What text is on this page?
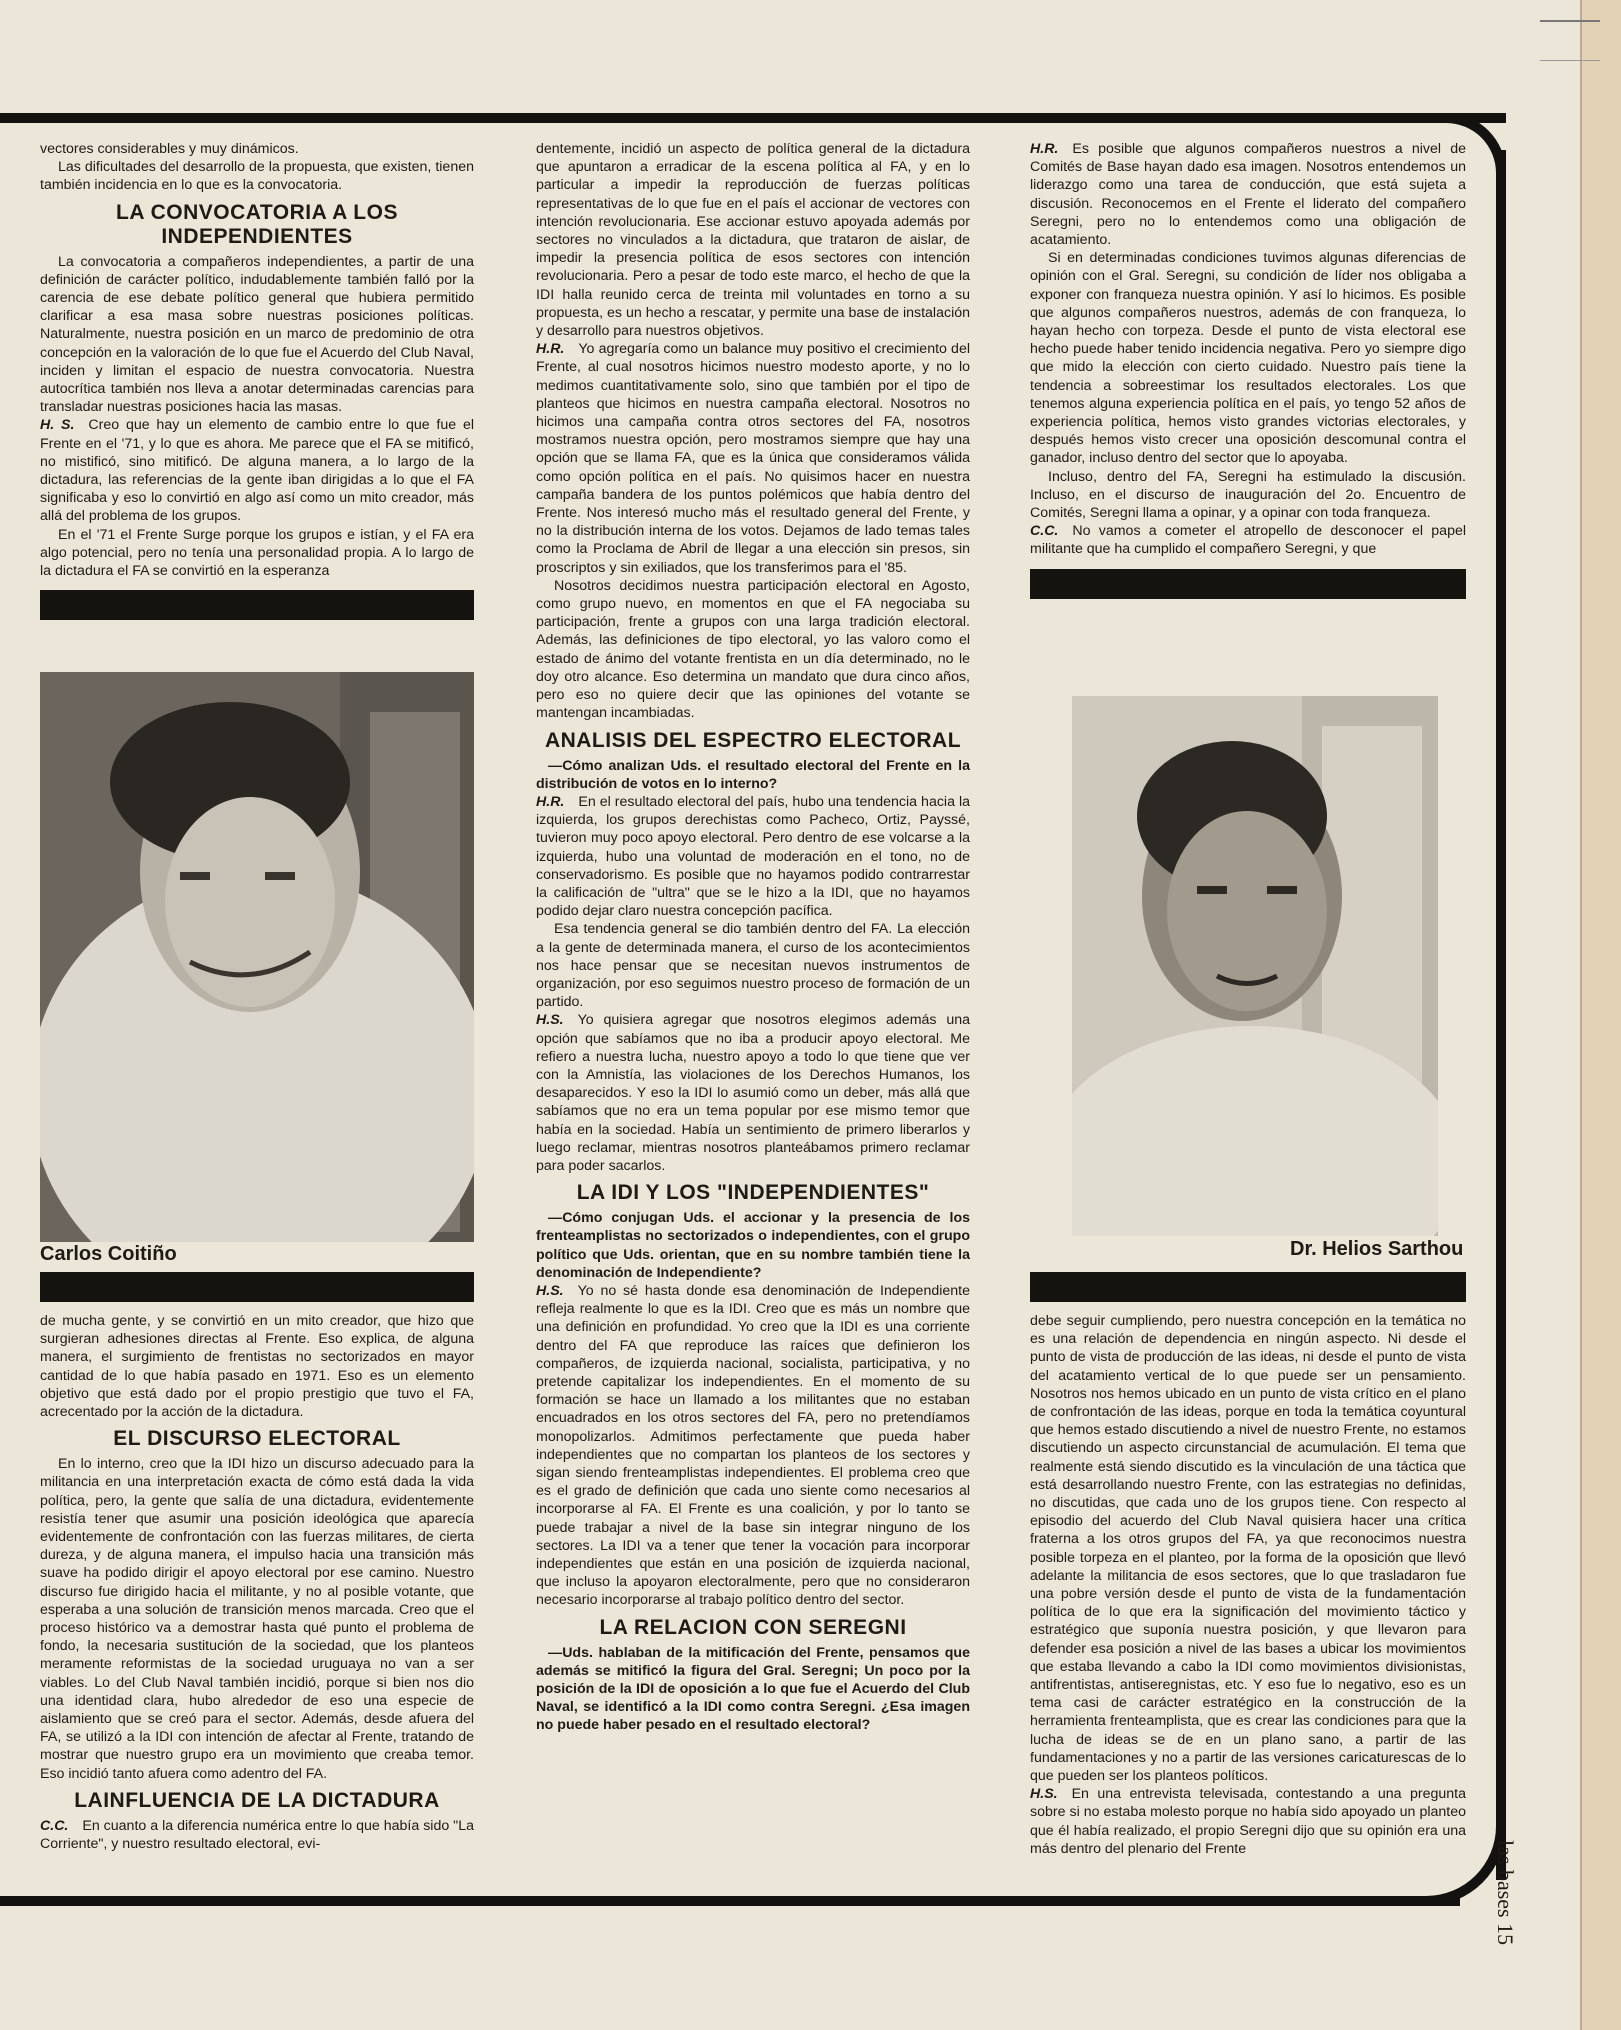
vectores considerables y muy dinámicos.

Las dificultades del desarrollo de la propuesta, que existen, tienen también incidencia en lo que es la convocatoria.

LA CONVOCATORIA A LOS INDEPENDIENTES

La convocatoria a compañeros independientes, a partir de una definición de carácter político, indudablemente también falló por la carencia de ese debate político general que hubiera permitido clarificar a esa masa sobre nuestras posiciones políticas. Naturalmente, nuestra posición en un marco de predominio de otra concepción en la valoración de lo que fue el Acuerdo del Club Naval, inciden y limitan el espacio de nuestra convocatoria. Nuestra autocrítica también nos lleva a anotar determinadas carencias para transladar nuestras posiciones hacia las masas.

H. S. Creo que hay un elemento de cambio entre lo que fue el Frente en el '71, y lo que es ahora. Me parece que el FA se mitificó, no mistificó, sino mitificó. De alguna manera, a lo largo de la dictadura, las referencias de la gente iban dirigidas a lo que el FA significaba y eso lo convirtió en algo así como un mito creador, más allá del problema de los grupos.

En el '71 el Frente Surge porque los grupos e istían, y el FA era algo potencial, pero no tenía una personalidad propia. A lo largo de la dictadura el FA se convirtió en la esperanza

Carlos Coitiño

de mucha gente, y se convirtió en un mito creador, que hizo que surgieran adhesiones directas al Frente. Eso explica, de alguna manera, el surgimiento de frentistas no sectorizados en mayor cantidad de lo que había pasado en 1971. Eso es un elemento objetivo que está dado por el propio prestigio que tuvo el FA, acrecentado por la acción de la dictadura.

EL DISCURSO ELECTORAL

En lo interno, creo que la IDI hizo un discurso adecuado para la militancia en una interpretación exacta de cómo está dada la vida política, pero, la gente que salía de una dictadura, evidentemente resistía tener que asumir una posición ideológica que aparecía evidentemente de confrontación con las fuerzas militares, de cierta dureza, y de alguna manera, el impulso hacia una transición más suave ha podido dirigir el apoyo electoral por ese camino. Nuestro discurso fue dirigido hacia el militante, y no al posible votante, que esperaba a una solución de transición menos marcada. Creo que el proceso histórico va a demostrar hasta qué punto el problema de fondo, la necesaria sustitución de la sociedad, que los planteos meramente reformistas de la sociedad uruguaya no van a ser viables. Lo del Club Naval también incidió, porque si bien nos dio una identidad clara, hubo alrededor de eso una especie de aislamiento que se creó para el sector. Además, desde afuera del FA, se utilizó a la IDI con intención de afectar al Frente, tratando de mostrar que nuestro grupo era un movimiento que creaba temor. Eso incidió tanto afuera como adentro del FA.

LAINFLUENCIA DE LA DICTADURA

C.C. En cuanto a la diferencia numérica entre lo que había sido "La Corriente", y nuestro resultado electoral, evi-

dentemente, incidió un aspecto de política general de la dictadura que apuntaron a erradicar de la escena política al FA, y en lo particular a impedir la reproducción de fuerzas políticas representativas de lo que fue en el país el accionar de vectores con intención revolucionaria. Ese accionar estuvo apoyada además por sectores no vinculados a la dictadura, que trataron de aislar, de impedir la presencia política de esos sectores con intención revolucionaria. Pero a pesar de todo este marco, el hecho de que la IDI halla reunido cerca de treinta mil voluntades en torno a su propuesta, es un hecho a rescatar, y permite una base de instalación y desarrollo para nuestros objetivos.

H.R. Yo agregaría como un balance muy positivo el crecimiento del Frente, al cual nosotros hicimos nuestro modesto aporte, y no lo medimos cuantitativamente solo, sino que también por el tipo de planteos que hicimos en nuestra campaña electoral. Nosotros no hicimos una campaña contra otros sectores del FA, nosotros mostramos nuestra opción, pero mostramos siempre que hay una opción que se llama FA, que es la única que consideramos válida como opción política en el país. No quisimos hacer en nuestra campaña bandera de los puntos polémicos que había dentro del Frente. Nos interesó mucho más el resultado general del Frente, y no la distribución interna de los votos. Dejamos de lado temas tales como la Proclama de Abril de llegar a una elección sin presos, sin proscriptos y sin exiliados, que los transferimos para el '85.

Nosotros decidimos nuestra participación electoral en Agosto, como grupo nuevo, en momentos en que el FA negociaba su participación, frente a grupos con una larga tradición electoral. Además, las definiciones de tipo electoral, yo las valoro como el estado de ánimo del votante frentista en un día determinado, no le doy otro alcance. Eso determina un mandato que dura cinco años, pero eso no quiere decir que las opiniones del votante se mantengan incambiadas.

ANALISIS DEL ESPECTRO ELECTORAL

—Cómo analizan Uds. el resultado electoral del Frente en la distribución de votos en lo interno?

H.R. En el resultado electoral del país, hubo una tendencia hacia la izquierda, los grupos derechistas como Pacheco, Ortiz, Payssé, tuvieron muy poco apoyo electoral. Pero dentro de ese volcarse a la izquierda, hubo una voluntad de moderación en el tono, no de conservadorismo. Es posible que no hayamos podido contrarrestar la calificación de "ultra" que se le hizo a la IDI, que no hayamos podido dejar claro nuestra concepción pacífica.

Esa tendencia general se dio también dentro del FA. La elección a la gente de determinada manera, el curso de los acontecimientos nos hace pensar que se necesitan nuevos instrumentos de organización, por eso seguimos nuestro proceso de formación de un partido.

H.S. Yo quisiera agregar que nosotros elegimos además una opción que sabíamos que no iba a producir apoyo electoral. Me refiero a nuestra lucha, nuestro apoyo a todo lo que tiene que ver con la Amnistía, las violaciones de los Derechos Humanos, los desaparecidos. Y eso la IDI lo asumió como un deber, más allá que sabíamos que no era un tema popular por ese mismo temor que había en la sociedad. Había un sentimiento de primero liberarlos y luego reclamar, mientras nosotros planteábamos primero reclamar para poder sacarlos.

LA IDI Y LOS "INDEPENDIENTES"

—Cómo conjugan Uds. el accionar y la presencia de los frenteamplistas no sectorizados o independientes, con el grupo político que Uds. orientan, que en su nombre también tiene la denominación de Independiente?

H.S. Yo no sé hasta donde esa denominación de Independiente refleja realmente lo que es la IDI. Creo que es más un nombre que una definición en profundidad. Yo creo que la IDI es una corriente dentro del FA que reproduce las raíces que definieron los compañeros, de izquierda nacional, socialista, participativa, y no pretende capitalizar los independientes. En el momento de su formación se hace un llamado a los militantes que no estaban encuadrados en los otros sectores del FA, pero no pretendíamos monopolizarlos. Admitimos perfectamente que pueda haber independientes que no compartan los planteos de los sectores y sigan siendo frenteamplistas independientes. El problema creo que es el grado de definición que cada uno siente como necesarios al incorporarse al FA. El Frente es una coalición, y por lo tanto se puede trabajar a nivel de la base sin integrar ninguno de los sectores. La IDI va a tener que tener la vocación para incorporar independientes que están en una posición de izquierda nacional, que incluso la apoyaron electoralmente, pero que no consideraron necesario incorporarse al trabajo político dentro del sector.

LA RELACION CON SEREGNI

—Uds. hablaban de la mitificación del Frente, pensamos que además se mitificó la figura del Gral. Seregni; Un poco por la posición de la IDI de oposición a lo que fue el Acuerdo del Club Naval, se identificó a la IDI como contra Seregni. ¿Esa imagen no puede haber pesado en el resultado electoral?

H.R. Es posible que algunos compañeros nuestros a nivel de Comités de Base hayan dado esa imagen. Nosotros entendemos un liderazgo como una tarea de conducción, que está sujeta a discusión. Reconocemos en el Frente el liderato del compañero Seregni, pero no lo entendemos como una obligación de acatamiento.

Si en determinadas condiciones tuvimos algunas diferencias de opinión con el Gral. Seregni, su condición de líder nos obligaba a exponer con franqueza nuestra opinión. Y así lo hicimos. Es posible que algunos compañeros nuestros, además de con franqueza, lo hayan hecho con torpeza. Desde el punto de vista electoral ese hecho puede haber tenido incidencia negativa. Pero yo siempre digo que mido la elección con cierto cuidado. Nuestro país tiene la tendencia a sobreestimar los resultados electorales. Los que tenemos alguna experiencia política en el país, yo tengo 52 años de experiencia política, hemos visto grandes victorias electorales, y después hemos visto crecer una oposición descomunal contra el ganador, incluso dentro del sector que lo apoyaba.

Incluso, dentro del FA, Seregni ha estimulado la discusión. Incluso, en el discurso de inauguración del 2o. Encuentro de Comités, Seregni llama a opinar, y a opinar con toda franqueza.

C.C. No vamos a cometer el atropello de desconocer el papel militante que ha cumplido el compañero Seregni, y que

Dr. Helios Sarthou

debe seguir cumpliendo, pero nuestra concepción en la temática no es una relación de dependencia en ningún aspecto. Ni desde el punto de vista de producción de las ideas, ni desde el punto de vista del acatamiento vertical de lo que puede ser un pensamiento. Nosotros nos hemos ubicado en un punto de vista crítico en el plano de confrontación de las ideas, porque en toda la temática coyuntural que hemos estado discutiendo a nivel de nuestro Frente, no estamos discutiendo un aspecto circunstancial de acumulación. El tema que realmente está siendo discutido es la vinculación de una táctica que está desarrollando nuestro Frente, con las estrategias no definidas, no discutidas, que cada uno de los grupos tiene. Con respecto al episodio del acuerdo del Club Naval quisiera hacer una crítica fraterna a los otros grupos del FA, ya que reconocimos nuestra posible torpeza en el planteo, por la forma de la oposición que llevó adelante la militancia de esos sectores, que lo que trasladaron fue una pobre versión desde el punto de vista de la fundamentación política de lo que era la significación del movimiento táctico y estratégico que suponía nuestra posición, y que llevaron para defender esa posición a nivel de las bases a ubicar los movimientos que estaba llevando a cabo la IDI como movimientos divisionistas, antifrentistas, antiseregnistas, etc. Y eso fue lo negativo, eso es un tema casi de carácter estratégico en la construcción de la herramienta frenteamplista, que es crear las condiciones para que la lucha de ideas se de en un plano sano, a partir de las fundamentaciones y no a partir de las versiones caricaturescas de lo que pueden ser los planteos políticos.

H.S. En una entrevista televisada, contestando a una pregunta sobre si no estaba molesto porque no había sido apoyado un planteo que él había realizado, el propio Seregni dijo que su opinión era una más dentro del plenario del Frente	las bases 15
